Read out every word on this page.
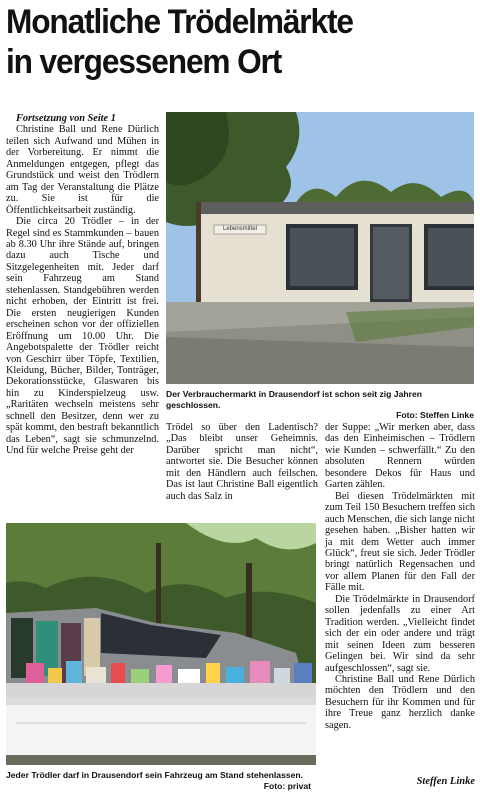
Monatliche Trödelmärkte
in vergessenem Ort

Fortsetzung von Seite 1

Christine Ball und Rene Dürlich teilen sich Aufwand und Mühen in der Vorbereitung. Er nimmt die Anmeldungen entgegen, pflegt das Grundstück und weist den Trödlern am Tag der Veranstaltung die Plätze zu. Sie ist für die Öffentlichkeitsarbeit zuständig.

Die circa 20 Trödler – in der Regel sind es Stammkunden – bauen ab 8.30 Uhr ihre Stände auf, bringen dazu auch Tische und Sitzgelegenheiten mit. Jeder darf sein Fahrzeug am Stand stehenlassen. Standgebühren werden nicht erhoben, der Eintritt ist frei. Die ersten neugierigen Kunden erscheinen schon vor der offiziellen Eröffnung um 10.00 Uhr. Die Angebotspalette der Trödler reicht von Geschirr über Töpfe, Textilien, Kleidung, Bücher, Bilder, Tonträger, Dekorationsstücke, Glaswaren bis hin zu Kinderspielzeug usw. „Raritäten wechseln meistens sehr schnell den Besitzer, denn wer zu spät kommt, den bestraft bekanntlich das Leben“, sagt sie schmunzelnd. Und für welche Preise geht der

Lebensmittel
Der Verbrauchermarkt in Drausendorf ist schon seit zig Jahren geschlossen.
Foto: Steffen Linke

Trödel so über den Ladentisch? „Das bleibt unser Geheimnis. Darüber spricht man nicht“, antwortet sie. Die Besucher können mit den Händlern auch feilschen. Das ist laut Christine Ball eigentlich auch das Salz in

der Suppe: „Wir merken aber, dass das den Einheimischen – Trödlern wie Kunden – schwerfällt.“ Zu den absoluten Rennern würden besondere Dekos für Haus und Garten zählen.

Bei diesen Trödelmärkten mit zum Teil 150 Besuchern treffen sich auch Menschen, die sich lange nicht gesehen haben. „Bisher hatten wir ja mit dem Wetter auch immer Glück“, freut sie sich. Jeder Trödler bringt natürlich Regensachen und vor allem Planen für den Fall der Fälle mit.

Die Trödelmärkte in Drausendorf sollen jedenfalls zu einer Art Tradition werden. „Vielleicht findet sich der ein oder andere und trägt mit seinen Ideen zum besseren Gelingen bei. Wir sind da sehr aufgeschlossen“, sagt sie.

Christine Ball und Rene Dürlich möchten den Trödlern und den Besuchern für ihr Kommen und für ihre Treue ganz herzlich danke sagen.

Jeder Trödler darf in Drausendorf sein Fahrzeug am Stand stehenlassen.
Foto: privat	Steffen Linke
